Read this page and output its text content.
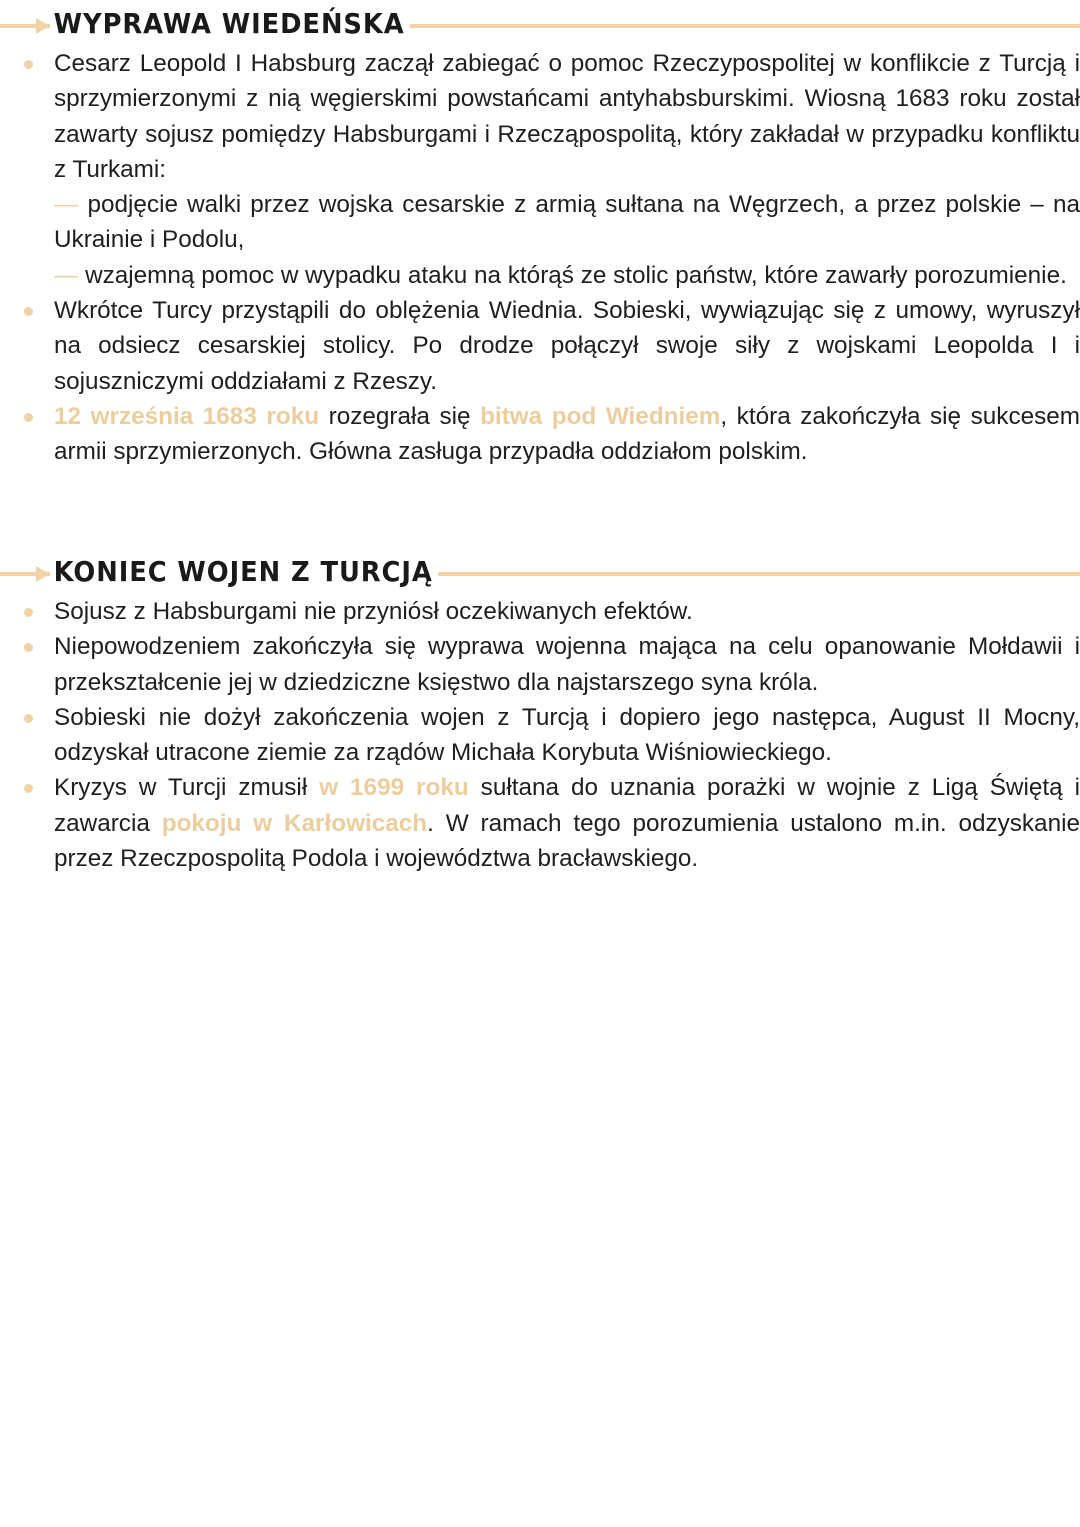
WYPRAWA WIEDEŃSKA
Cesarz Leopold I Habsburg zaczął zabiegać o pomoc Rzeczypospolitej w konflikcie z Turcją i sprzymierzonymi z nią węgierskimi powstańcami antyhabsburskimi. Wiosną 1683 roku został zawarty sojusz pomiędzy Habsburgami i Rzecząpospolitą, który zakładał w przypadku konfliktu z Turkami:
— podjęcie walki przez wojska cesarskie z armią sułtana na Węgrzech, a przez polskie – na Ukrainie i Podolu,
— wzajemną pomoc w wypadku ataku na którąś ze stolic państw, które zawarły porozumienie.
Wkrótce Turcy przystąpili do oblężenia Wiednia. Sobieski, wywiązując się z umowy, wyruszył na odsiecz cesarskiej stolicy. Po drodze połączył swoje siły z wojskami Leopolda I i sojuszniczymi oddziałami z Rzeszy.
12 września 1683 roku rozegrała się bitwa pod Wiedniem, która zakończyła się sukcesem armii sprzymierzonych. Główna zasługa przypadła oddziałom polskim.
KONIEC WOJEN Z TURCJĄ
Sojusz z Habsburgami nie przyniósł oczekiwanych efektów.
Niepowodzeniem zakończyła się wyprawa wojenna mająca na celu opanowanie Mołdawii i przekształcenie jej w dziedziczne księstwo dla najstarszego syna króla.
Sobieski nie dożył zakończenia wojen z Turcją i dopiero jego następca, August II Mocny, odzyskał utracone ziemie za rządów Michała Korybuta Wiśniowieckiego.
Kryzys w Turcji zmusił w 1699 roku sułtana do uznania porażki w wojnie z Ligą Świętą i zawarcia pokoju w Karłowicach. W ramach tego porozumienia ustalono m.in. odzyskanie przez Rzeczpospolitą Podola i województwa bracławskiego.
